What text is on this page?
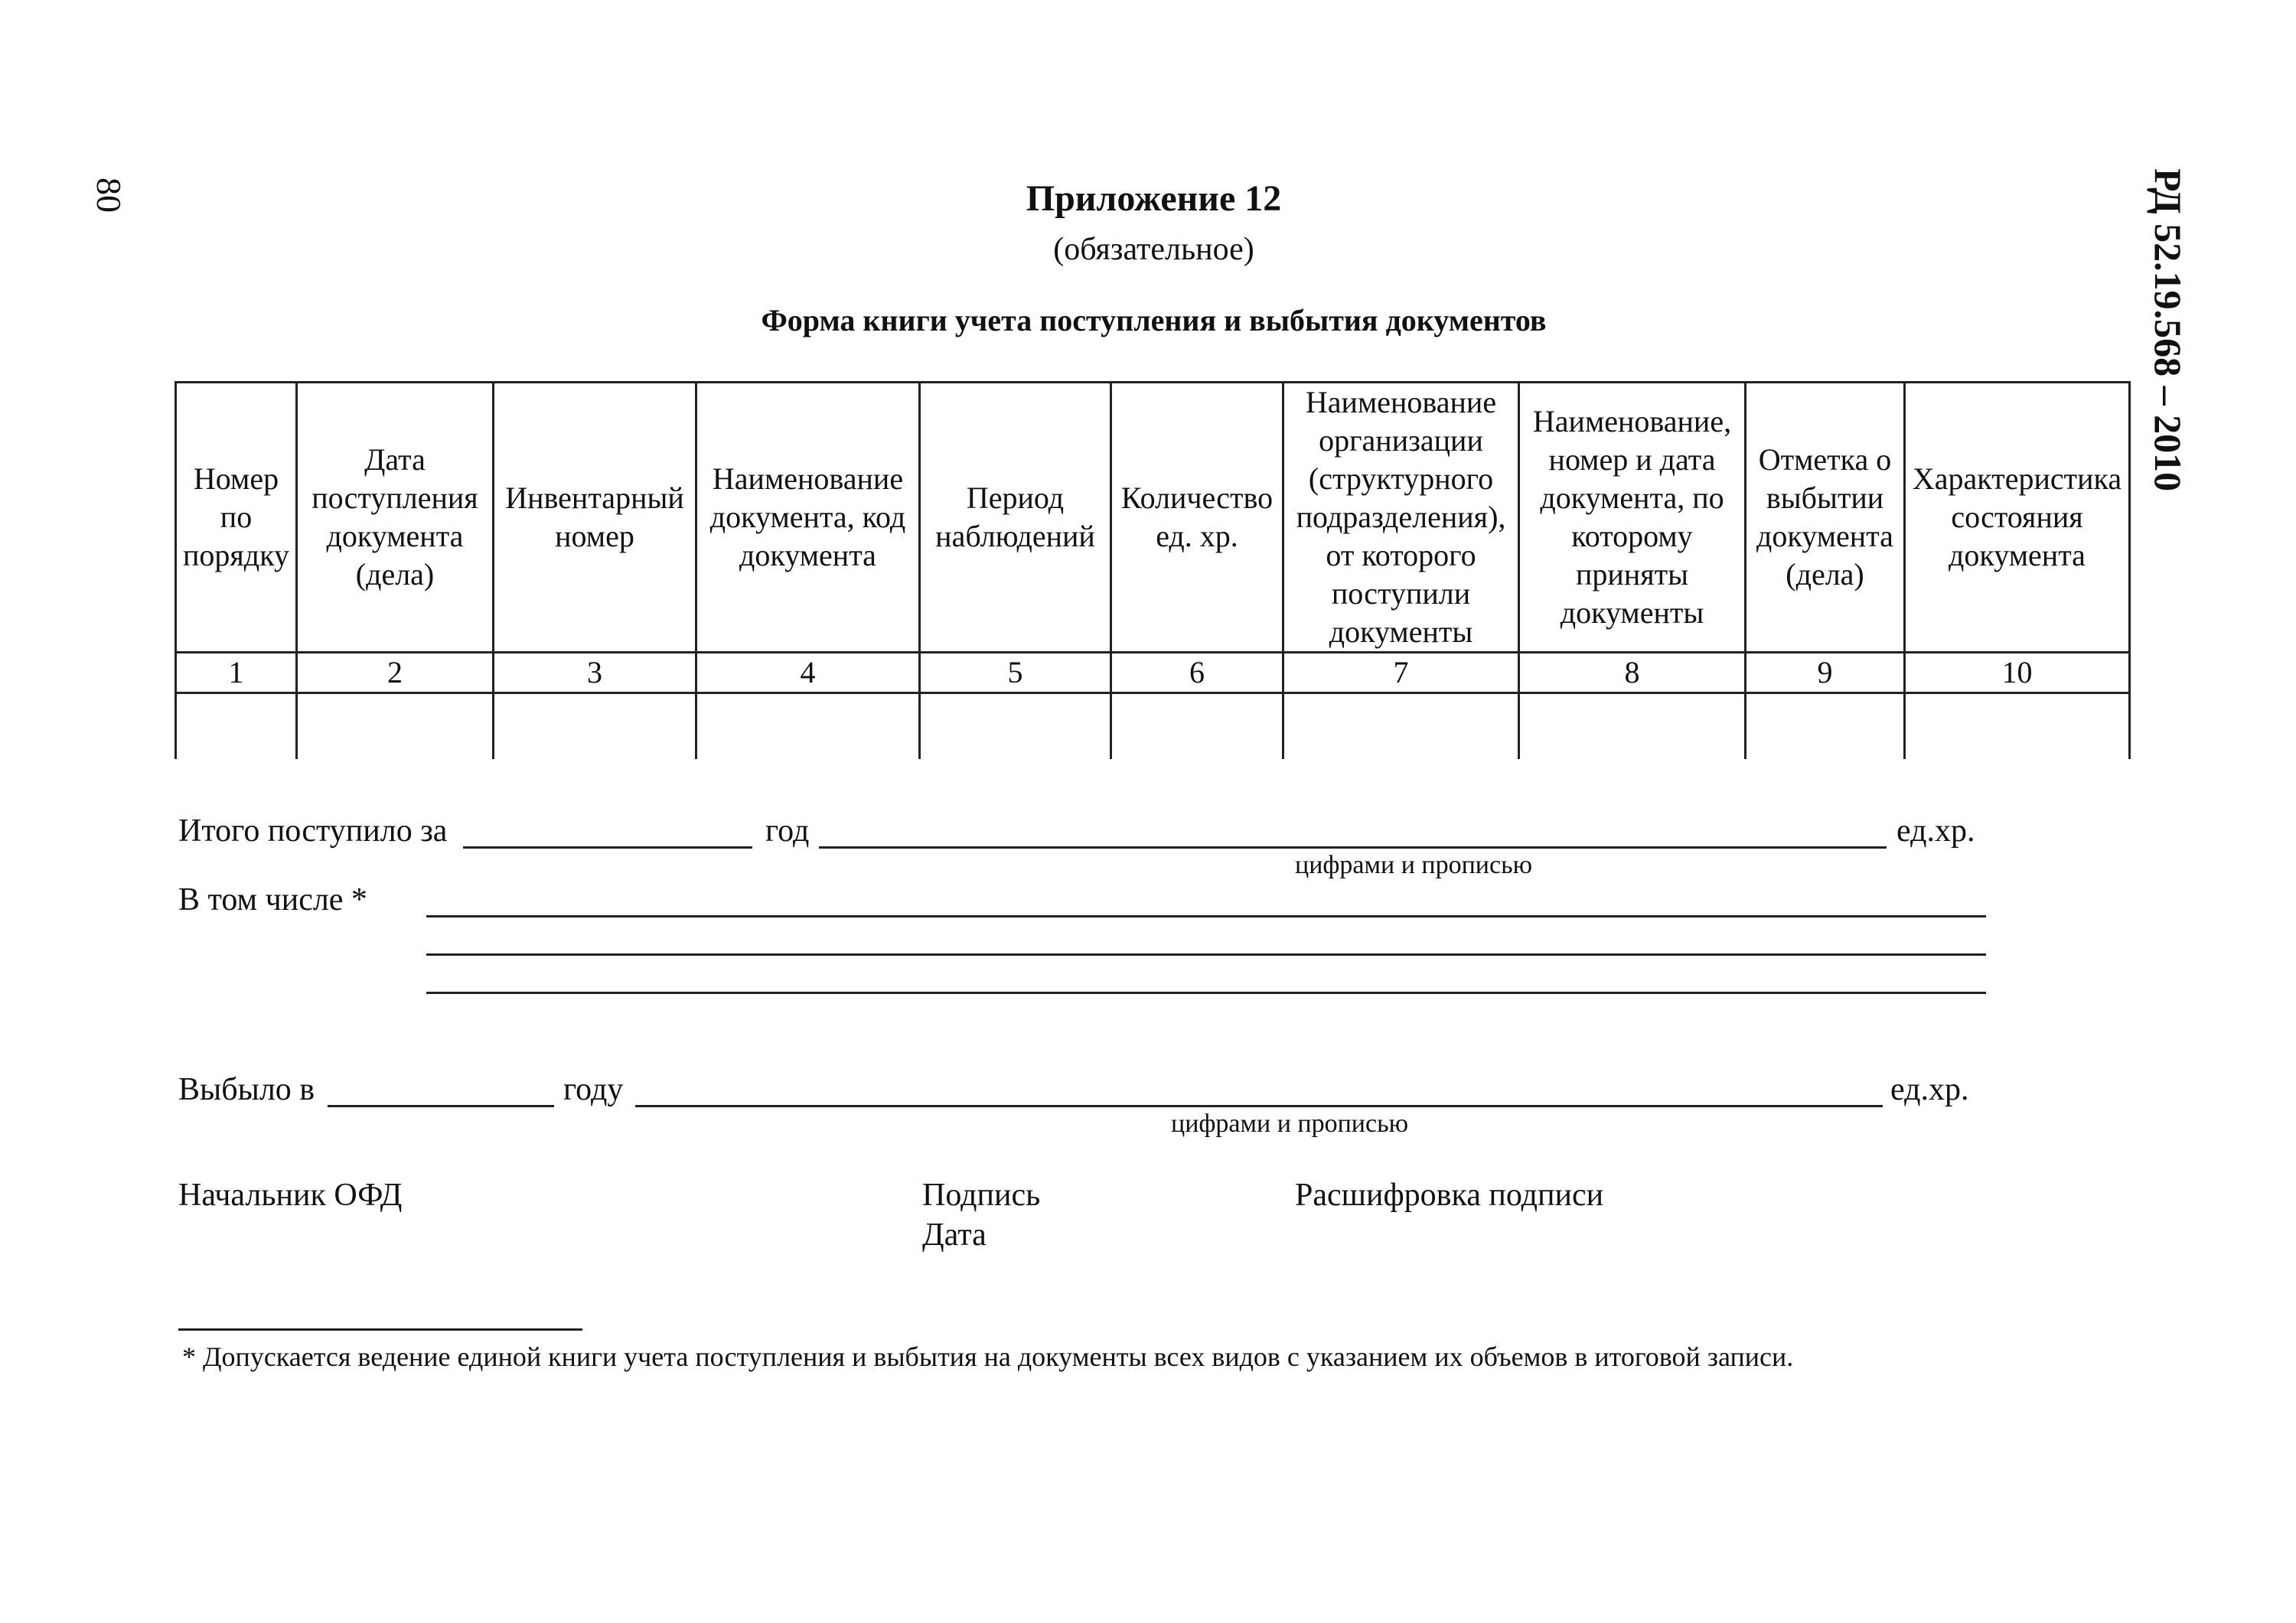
80	РД 52.19.568 – 2010
Приложение 12
(обязательное)
Форма книги учета поступления и выбытия документов
Номер по порядку	Дата поступления документа (дела)	Инвентарный номер	Наименование документа, код документа	Период наблюдений	Количество ед. хр.	Наименование организации (структурного подразделения), от которого поступили документы	Наименование, номер и дата документа, по которому приняты документы	Отметка о выбытии документа (дела)	Характеристика состояния документа
1	2	3	4	5	6	7	8	9	10

Итого поступило за	год	ед.хр.
цифрами и прописью
В том числе *
Выбыло в	году	ед.хр.
цифрами и прописью
Начальник ОФД	Подпись
Дата
Расшифровка подписи
* Допускается ведение единой книги учета поступления и выбытия на документы всех видов с указанием их объемов в итоговой записи.
